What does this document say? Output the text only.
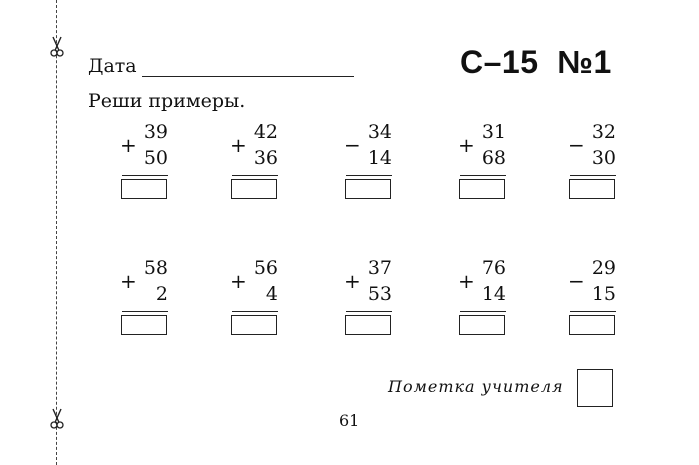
Дата	С–15  №1
Реши примеры.
+
39
50
+
42
36
−
34
14
+
31
68
−
32
30
+
58
2
+
56
4
+
37
53
+
76
14
−
29
15
Пометка учителя
61
